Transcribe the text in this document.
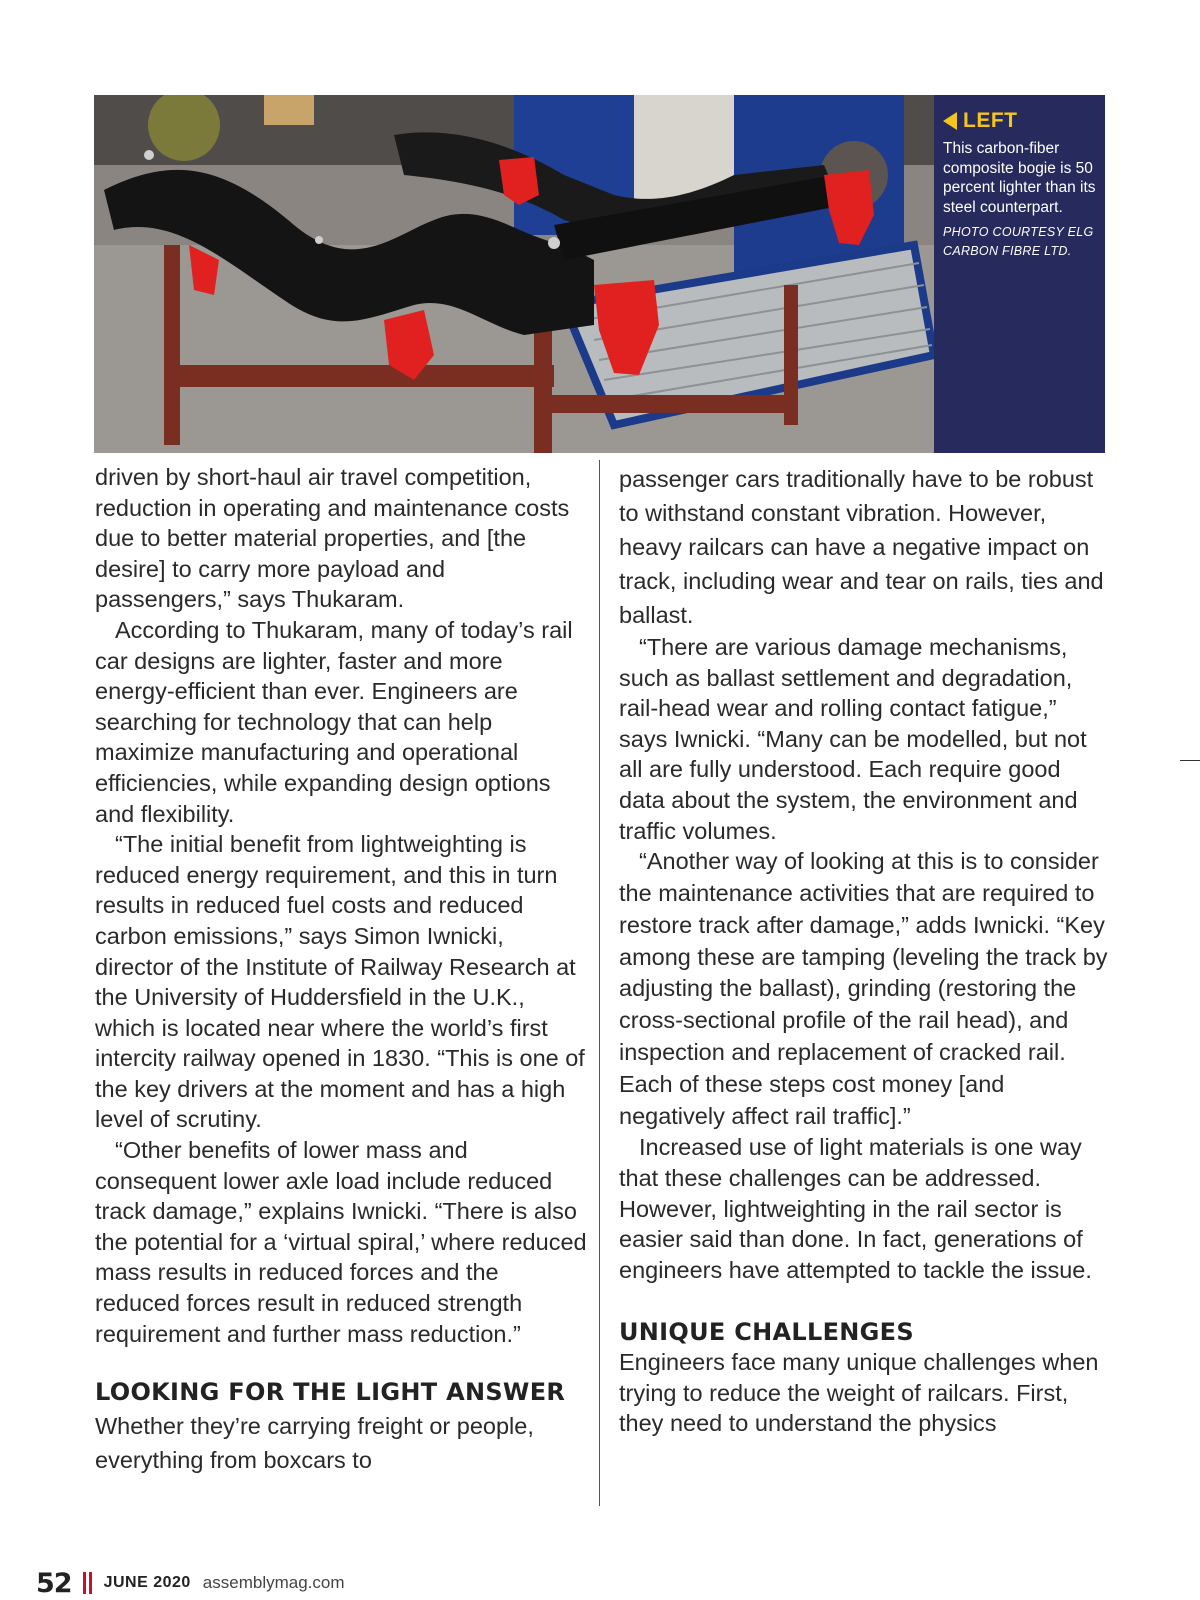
LEFT
This carbon-fiber composite bogie is 50 percent lighter than its steel counterpart.
PHOTO COURTESY ELG CARBON FIBRE LTD.

driven by short-haul air travel competition, reduction in operating and maintenance costs due to better material properties, and [the desire] to carry more payload and passengers,” says Thukaram.

According to Thukaram, many of today’s rail car designs are lighter, faster and more energy-efficient than ever. Engineers are searching for technology that can help maximize manufacturing and operational efficiencies, while expanding design options and flexibility.

“The initial benefit from lightweighting is reduced energy requirement, and this in turn results in reduced fuel costs and reduced carbon emissions,” says Simon Iwnicki, director of the Institute of Railway Research at the University of Huddersfield in the U.K., which is located near where the world’s first intercity railway opened in 1830. “This is one of the key drivers at the moment and has a high level of scrutiny.

“Other benefits of lower mass and consequent lower axle load include reduced track damage,” explains Iwnicki. “There is also the potential for a ‘virtual spiral,’ where reduced mass results in reduced forces and the reduced forces result in reduced strength requirement and further mass reduction.”

LOOKING FOR THE LIGHT ANSWER

Whether they’re carrying freight or people, everything from boxcars to

passenger cars traditionally have to be robust to withstand constant vibration. However, heavy railcars can have a negative impact on track, including wear and tear on rails, ties and ballast.

“There are various damage mechanisms, such as ballast settlement and degradation, rail-head wear and rolling contact fatigue,” says Iwnicki. “Many can be modelled, but not all are fully understood. Each require good data about the system, the environment and traffic volumes.

“Another way of looking at this is to consider the maintenance activities that are required to restore track after damage,” adds Iwnicki. “Key among these are tamping (leveling the track by adjusting the ballast), grinding (restoring the cross-sectional profile of the rail head), and inspection and replacement of cracked rail. Each of these steps cost money [and negatively affect rail traffic].”

Increased use of light materials is one way that these challenges can be addressed. However, lightweighting in the rail sector is easier said than done. In fact, generations of engineers have attempted to tackle the issue.

UNIQUE CHALLENGES

Engineers face many unique challenges when trying to reduce the weight of railcars. First, they need to understand the physics

52 JUNE 2020 assemblymag.com
